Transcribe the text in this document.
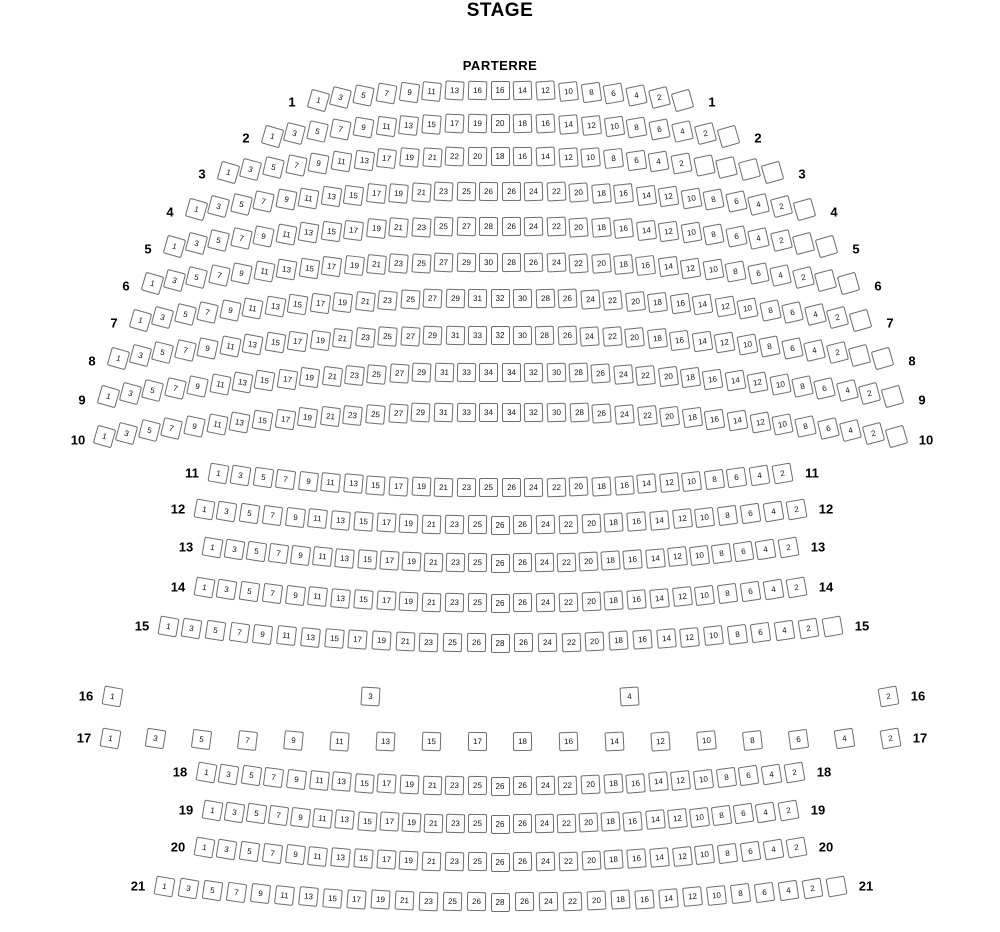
STAGE
PARTERRE
1	1
1	3	5	7	9	11	13	16	16	14	12	10	8	6	4	2
2	2
1	3	5	7	9	11	13	15	17	19	20	18	16	14	12	10	8	6	4	2
3	3
1	3	5	7	9	11	13	17	19	21	22	20	18	16	14	12	10	8	6	4	2
4	4
1	3	5	7	9	11	13	15	17	19	21	23	25	26	26	24	22	20	18	16	14	12	10	8	6	4	2
5	5
1	3	5	7	9	11	13	15	17	19	21	23	25	27	28	26	24	22	20	18	16	14	12	10	8	6	4	2
6	6
1	3	5	7	9	11	13	15	17	19	21	23	25	27	29	30	28	26	24	22	20	18	16	14	12	10	8	6	4	2
7	7
1	3	5	7	9	11	13	15	17	19	21	23	25	27	29	31	32	30	28	26	24	22	20	18	16	14	12	10	8	6	4	2
8	8
1	3	5	7	9	11	13	15	17	19	21	23	25	27	29	31	33	32	30	28	26	24	22	20	18	16	14	12	10	8	6	4	2
9	9
1	3	5	7	9	11	13	15	17	19	21	23	25	27	29	31	33	34	34	32	30	28	26	24	22	20	18	16	14	12	10	8	6	4	2
10	10
1	3	5	7	9	11	13	15	17	19	21	23	25	27	29	31	33	34	34	32	30	28	26	24	22	20	18	16	14	12	10	8	6	4	2
11	11
1	3	5	7	9	11	13	15	17	19	21	23	25	26	24	22	20	18	16	14	12	10	8	6	4	2
12	12
1	3	5	7	9	11	13	15	17	19	21	23	25	26	26	24	22	20	18	16	14	12	10	8	6	4	2
13	13
1	3	5	7	9	11	13	15	17	19	21	23	25	26	26	24	22	20	18	16	14	12	10	8	6	4	2
14	14
1	3	5	7	9	11	13	15	17	19	21	23	25	26	26	24	22	20	18	16	14	12	10	8	6	4	2
15	15
1	3	5	7	9	11	13	15	17	19	21	23	25	26	28	26	24	22	20	18	16	14	12	10	8	6	4	2
16	16
1	3	4	2
17	17
1	3	5	7	9	11	13	15	17	18	16	14	12	10	8	6	4	2
18	18
1	3	5	7	9	11	13	15	17	19	21	23	25	26	26	24	22	20	18	16	14	12	10	8	6	4	2
19	19
1	3	5	7	9	11	13	15	17	19	21	23	25	26	26	24	22	20	18	16	14	12	10	8	6	4	2
20	20
1	3	5	7	9	11	13	15	17	19	21	23	25	26	26	24	22	20	18	16	14	12	10	8	6	4	2
21	21
1	3	5	7	9	11	13	15	17	19	21	23	25	26	28	26	24	22	20	18	16	14	12	10	8	6	4	2
